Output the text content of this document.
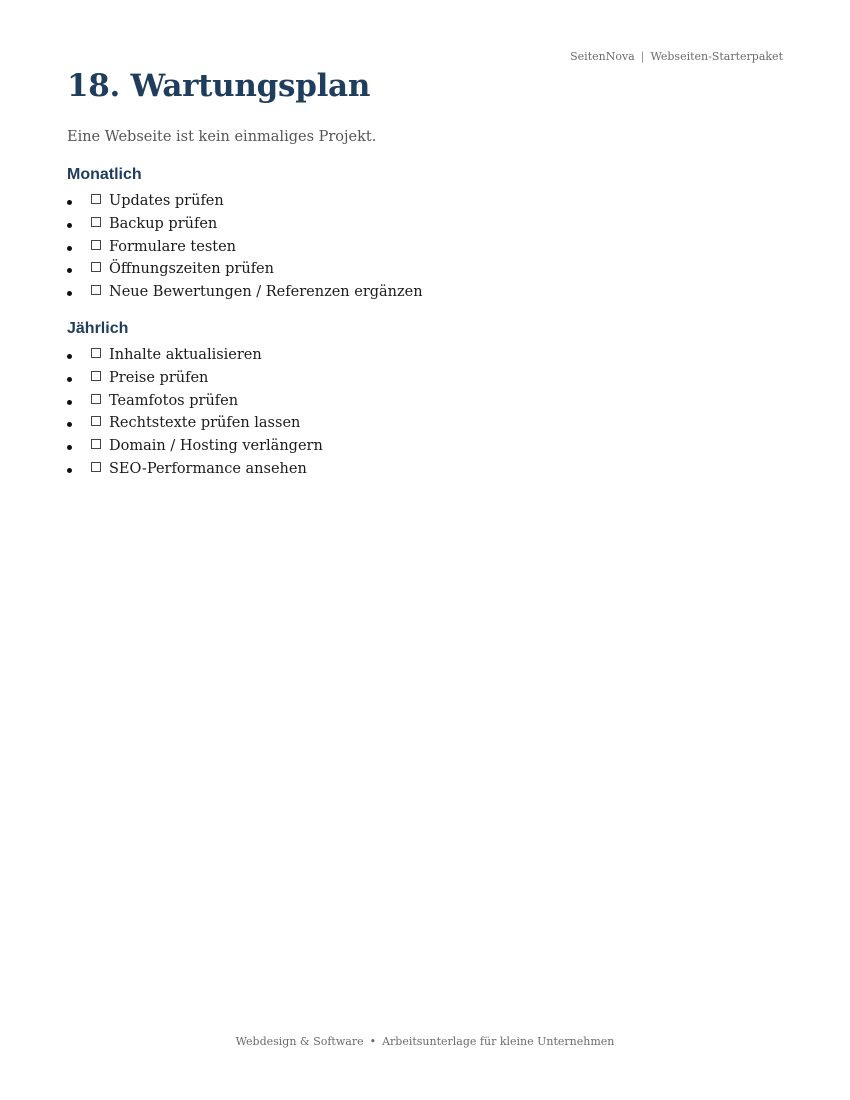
SeitenNova | Webseiten-Starterpaket
18. Wartungsplan

Eine Webseite ist kein einmaliges Projekt.

Monatlich
Updates prüfen
Backup prüfen
Formulare testen
Öffnungszeiten prüfen
Neue Bewertungen / Referenzen ergänzen
Jährlich
Inhalte aktualisieren
Preise prüfen
Teamfotos prüfen
Rechtstexte prüfen lassen
Domain / Hosting verlängern
SEO-Performance ansehen
Webdesign & Software • Arbeitsunterlage für kleine Unternehmen
